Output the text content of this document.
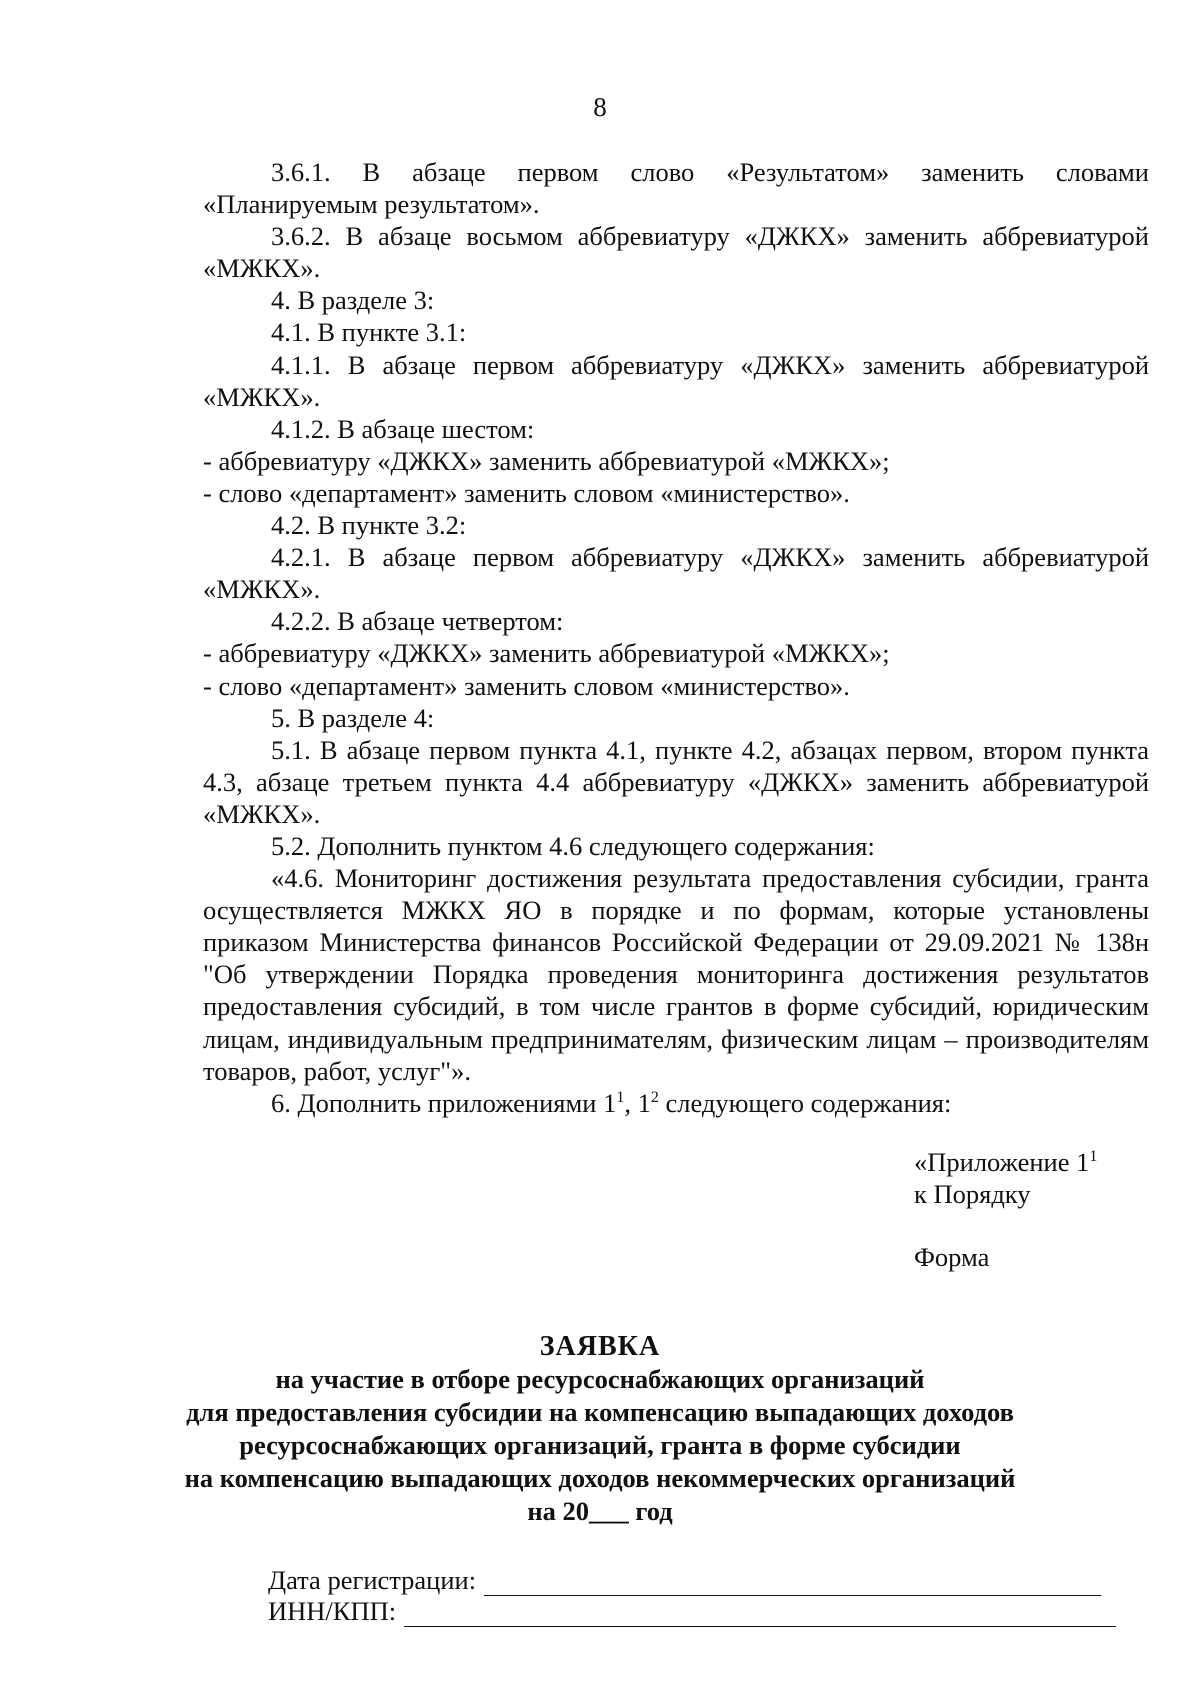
8

3.6.1. В абзаце первом слово «Результатом» заменить словами «Планируемым результатом».

3.6.2. В абзаце восьмом аббревиатуру «ДЖКХ» заменить аббревиатурой «МЖКХ».

4. В разделе 3:

4.1. В пункте 3.1:

4.1.1. В абзаце первом аббревиатуру «ДЖКХ» заменить аббревиатурой «МЖКХ».

4.1.2. В абзаце шестом:

- аббревиатуру «ДЖКХ» заменить аббревиатурой «МЖКХ»;

- слово «департамент» заменить словом «министерство».

4.2. В пункте 3.2:

4.2.1. В абзаце первом аббревиатуру «ДЖКХ» заменить аббревиатурой «МЖКХ».

4.2.2. В абзаце четвертом:

- аббревиатуру «ДЖКХ» заменить аббревиатурой «МЖКХ»;

- слово «департамент» заменить словом «министерство».

5. В разделе 4:

5.1. В абзаце первом пункта 4.1, пункте 4.2, абзацах первом, втором пункта 4.3, абзаце третьем пункта 4.4 аббревиатуру «ДЖКХ» заменить аббревиатурой «МЖКХ».

5.2. Дополнить пунктом 4.6 следующего содержания:

«4.6. Мониторинг достижения результата предоставления субсидии, гранта осуществляется МЖКХ ЯО в порядке и по формам, которые установлены приказом Министерства финансов Российской Федерации от 29.09.2021 № 138н "Об утверждении Порядка проведения мониторинга достижения результатов предоставления субсидий, в том числе грантов в форме субсидий, юридическим лицам, индивидуальным предпринимателям, физическим лицам – производителям товаров, работ, услуг"».

6. Дополнить приложениями $1^1$, $1^2$ следующего содержания:

«Приложение $1^1$
к Порядку
Форма
ЗАЯВКА
на участие в отборе ресурсоснабжающих организаций
для предоставления субсидии на компенсацию выпадающих доходов
ресурсоснабжающих организаций, гранта в форме субсидии
на компенсацию выпадающих доходов некоммерческих организаций
на 20___ год
Дата регистрации:
ИНН/КПП:
